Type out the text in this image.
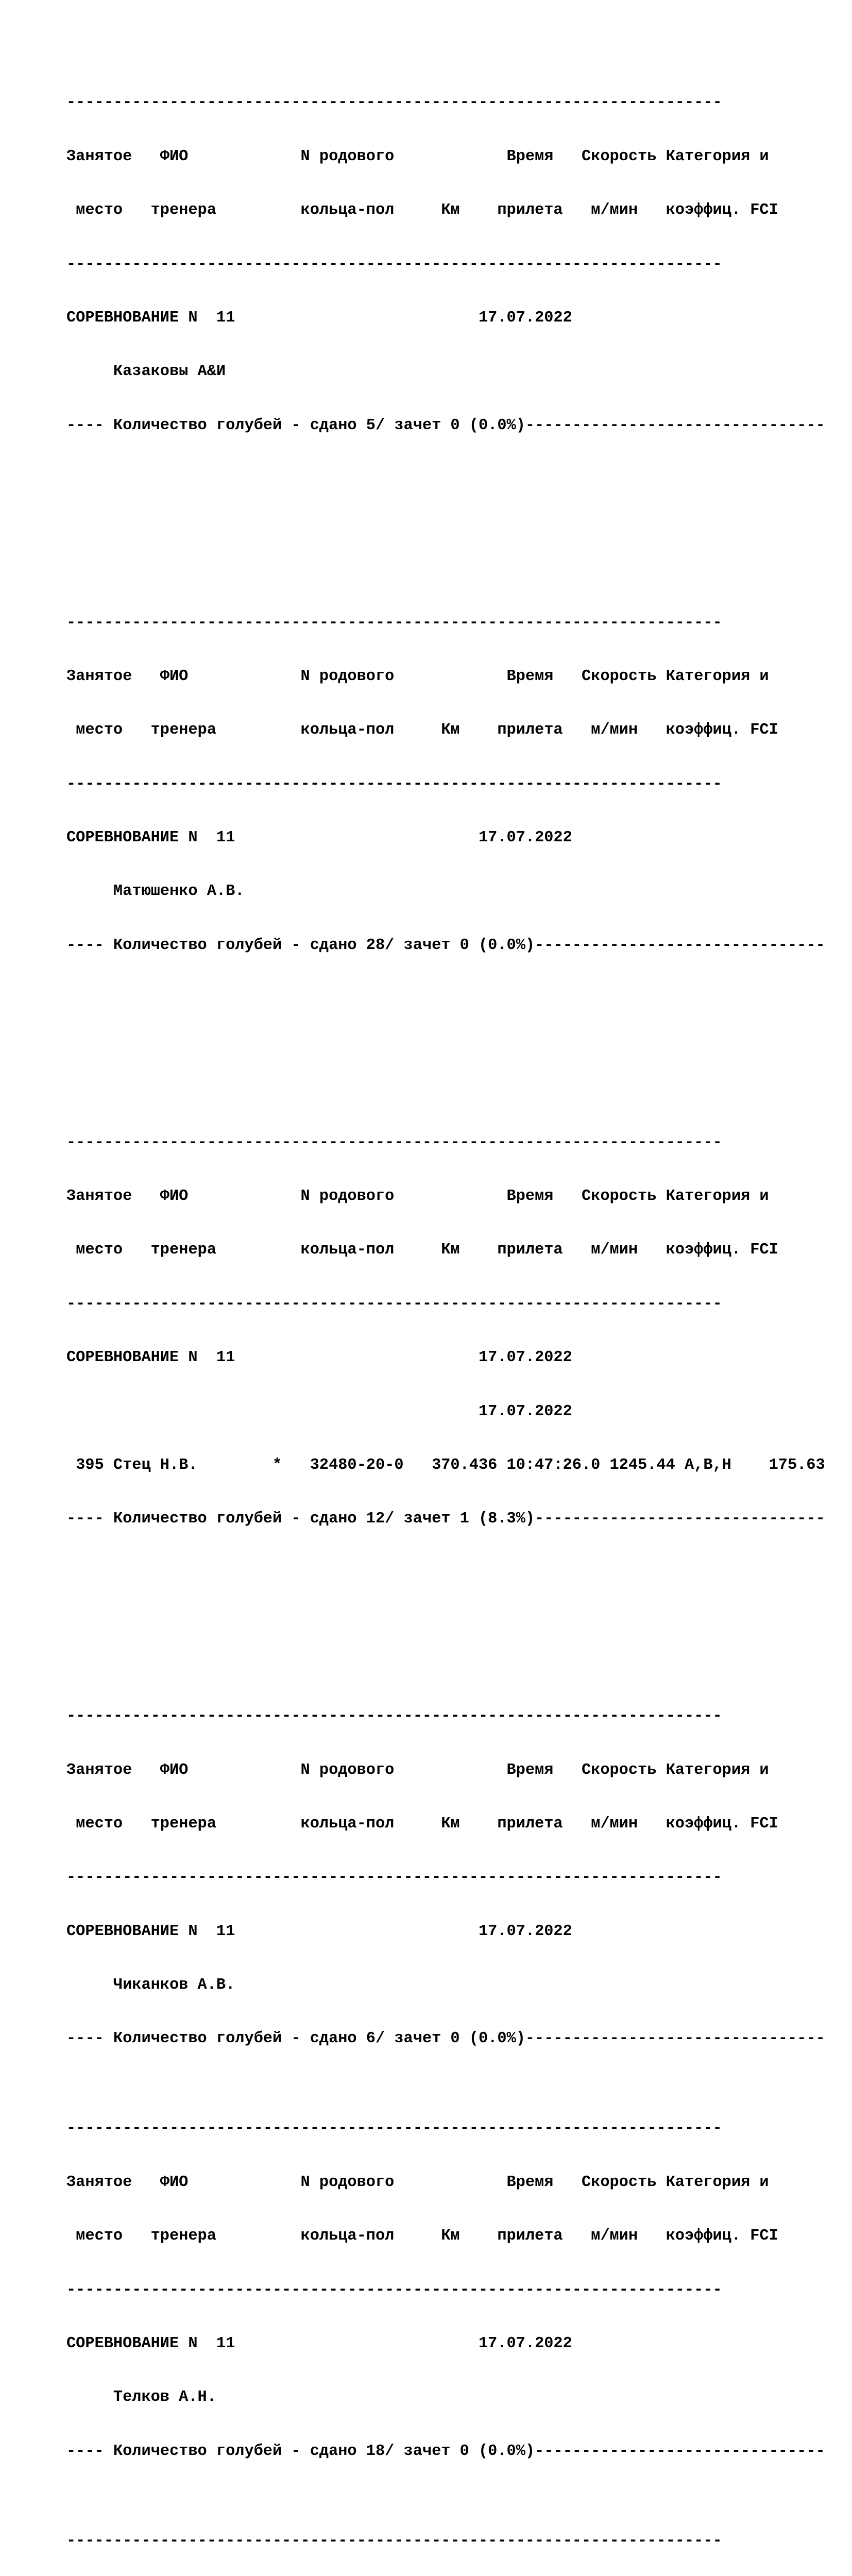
----------------------------------------------------------------------

Занятое   ФИО            N родового            Время   Скорость Категория и

место   тренера         кольца-пол     Км    прилета   м/мин   коэффиц. FCI

----------------------------------------------------------------------

СОРЕВНОВАНИЕ N  11	17.07.2022

Казаковы А&И

---- Количество голубей - сдано 5/ зачет 0 (0.0%)--------------------------------

----------------------------------------------------------------------

Занятое   ФИО            N родового            Время   Скорость Категория и

место   тренера         кольца-пол     Км    прилета   м/мин   коэффиц. FCI

----------------------------------------------------------------------

СОРЕВНОВАНИЕ N  11	17.07.2022

Матюшенко А.В.

---- Количество голубей - сдано 28/ зачет 0 (0.0%)-------------------------------

----------------------------------------------------------------------

Занятое   ФИО            N родового            Время   Скорость Категория и

место   тренера         кольца-пол     Км    прилета   м/мин   коэффиц. FCI

----------------------------------------------------------------------

СОРЕВНОВАНИЕ N  11	17.07.2022

17.07.2022

395 Стец Н.В.        *   32480-20-0   370.436 10:47:26.0 1245.44 A,B,H    175.63

---- Количество голубей - сдано 12/ зачет 1 (8.3%)-------------------------------

----------------------------------------------------------------------

Занятое   ФИО            N родового            Время   Скорость Категория и

место   тренера         кольца-пол     Км    прилета   м/мин   коэффиц. FCI

----------------------------------------------------------------------

СОРЕВНОВАНИЕ N  11	17.07.2022

Чиканков А.В.

---- Количество голубей - сдано 6/ зачет 0 (0.0%)--------------------------------

----------------------------------------------------------------------

Занятое   ФИО            N родового            Время   Скорость Категория и

место   тренера         кольца-пол     Км    прилета   м/мин   коэффиц. FCI

----------------------------------------------------------------------

СОРЕВНОВАНИЕ N  11	17.07.2022

Телков А.Н.

---- Количество голубей - сдано 18/ зачет 0 (0.0%)-------------------------------

----------------------------------------------------------------------
